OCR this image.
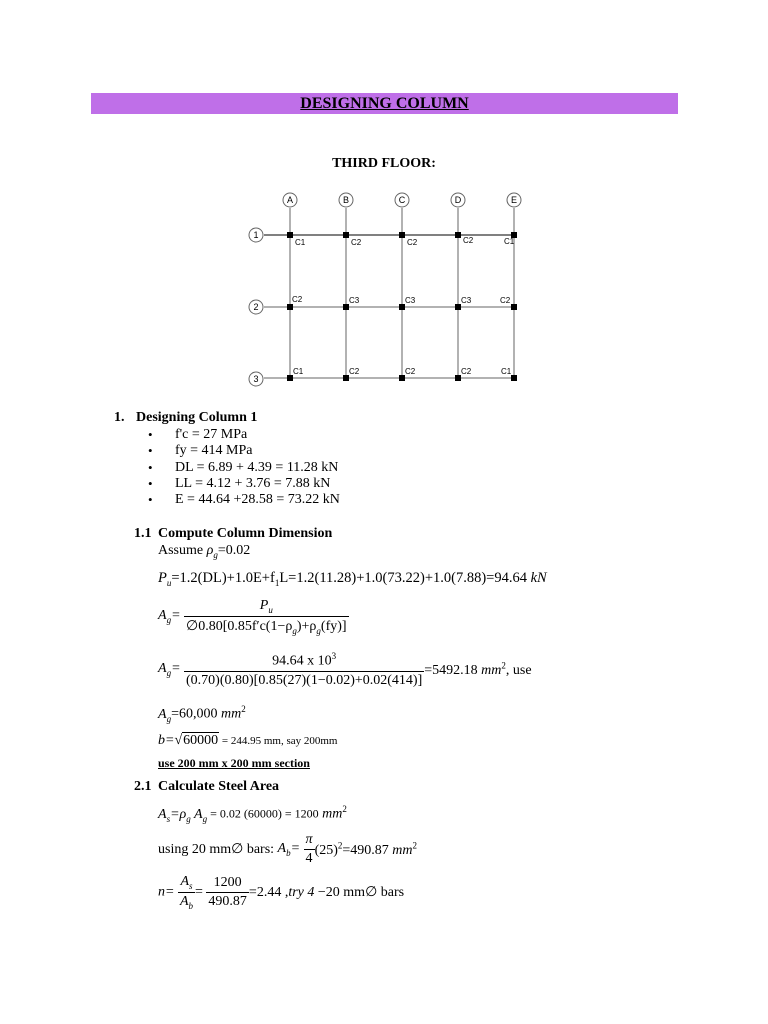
DESIGNING COLUMN
THIRD FLOOR:
A	B	C	D	E
1
2
3
C1	C2	C2	C2	C1
C2	C3	C3	C3	C2
C1	C2	C2	C2	C1
1. Designing Column 1
• f'c = 27 MPa
• fy = 414 MPa
• DL = 6.89 + 4.39 = 11.28 kN
• LL = 4.12 + 3.76 = 7.88 kN
• E = 44.64 +28.58 = 73.22 kN
1.1 Compute Column Dimension
Assume $\rho_g=0.02$
$P_u=1.2(DL)+1.0E+f_1L=1.2(11.28)+1.0(73.22)+1.0(7.88)=94.64$ kN
$A_g= \frac{P_u}{\emptyset 0.80[0.85f'c(1-\rho_g)+\rho_g(fy)]}$
$A_g= \frac{94.64 x 10^3}{(0.70)(0.80)[0.85(27)(1-0.02)+0.02(414)]} =5492.18$ $mm^2$, use
$A_g=60,000$ $mm^2$
b=√60000 = 244.95 mm, say 200mm
use 200 mm x 200 mm section
2.1 Calculate Steel Area
$A_s=\rho_g$ $A_g = 0.02$ (60000) = 1200 $mm^2$
using 20 mm∅ bars: $A_b= \frac{\pi}{4} (25)^2=490.87$ $mm^2$
$n= \frac{A_s}{A_b} = \frac{1200}{490.87} =2.44$ ,try 4 −20 mm∅ bars
